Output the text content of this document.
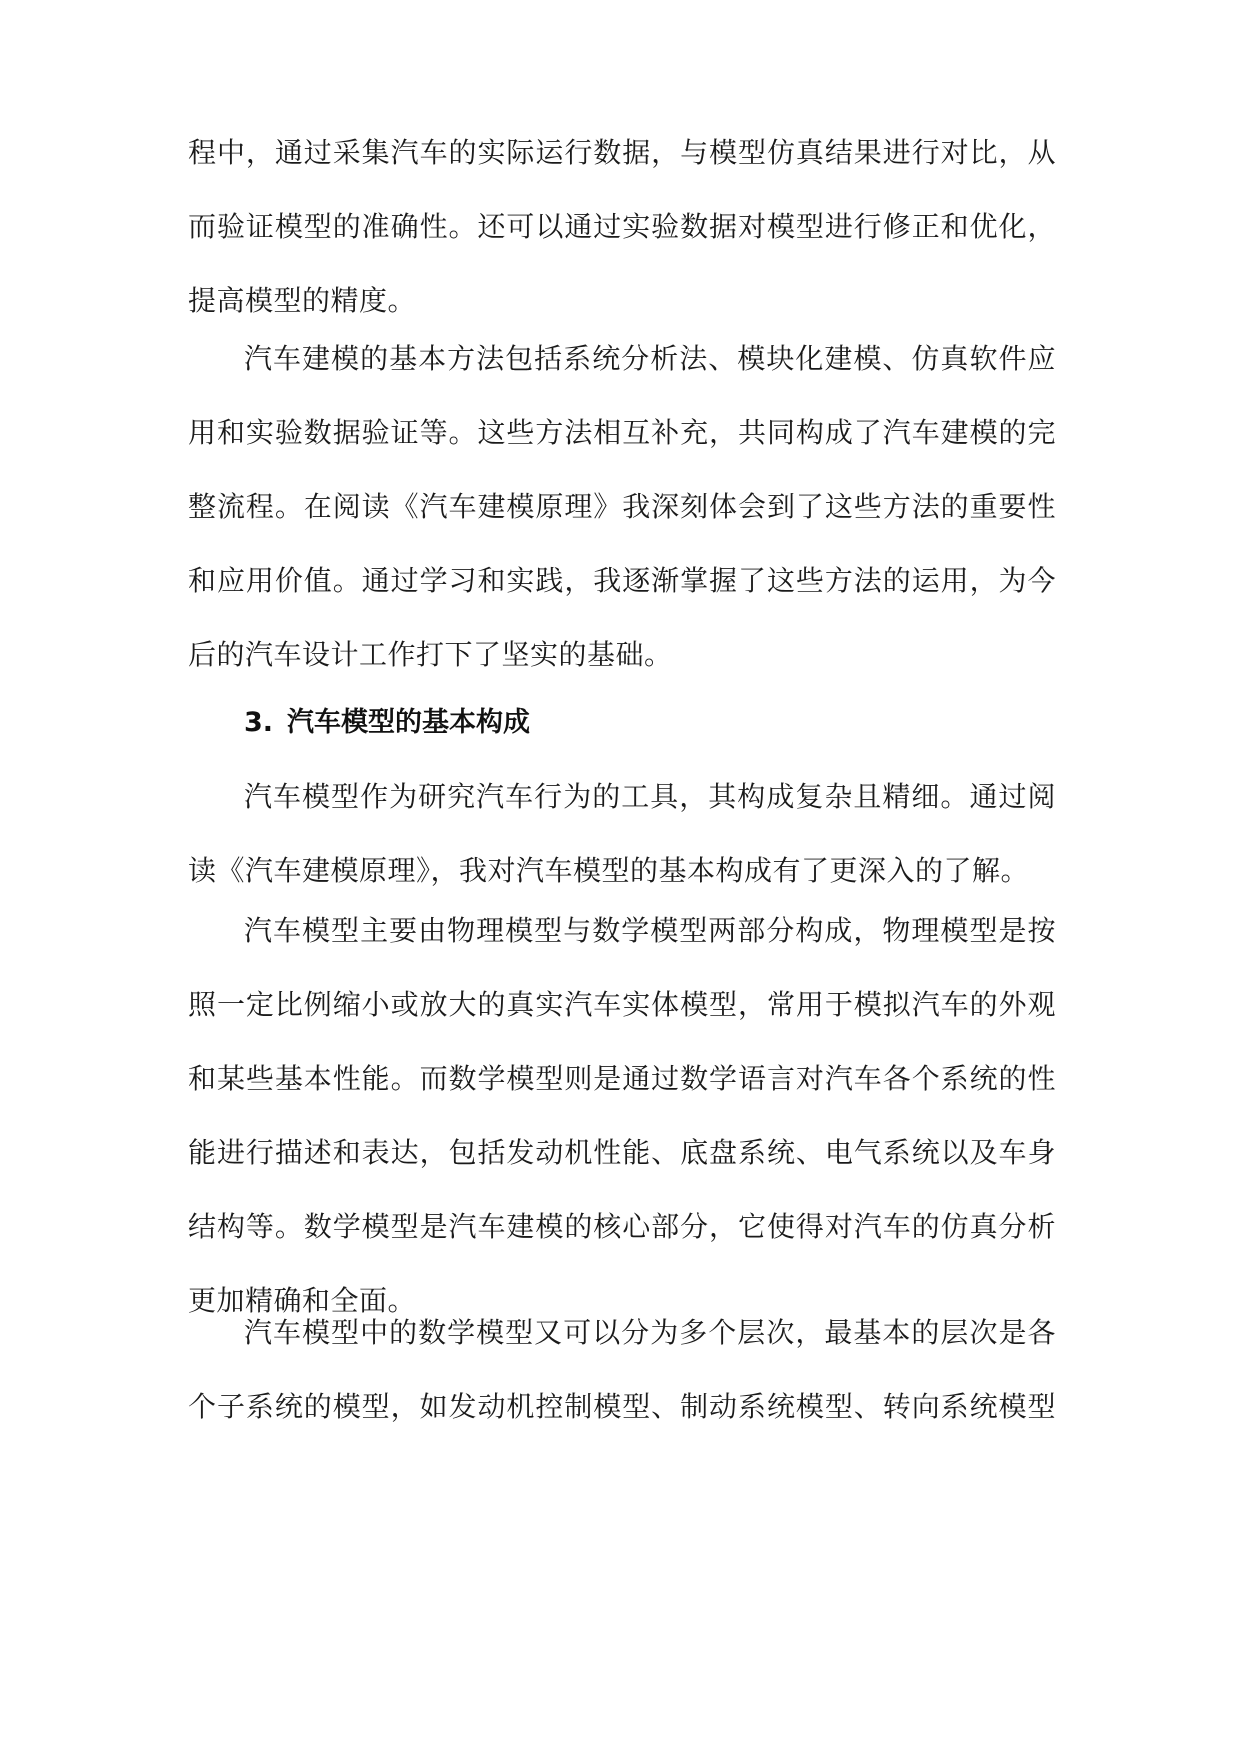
程中，通过采集汽车的实际运行数据，与模型仿真结果进行对比，从
而验证模型的准确性。还可以通过实验数据对模型进行修正和优化，
提高模型的精度。

汽车建模的基本方法包括系统分析法、模块化建模、仿真软件应
用和实验数据验证等。这些方法相互补充，共同构成了汽车建模的完
整流程。在阅读《汽车建模原理》我深刻体会到了这些方法的重要性
和应用价值。通过学习和实践，我逐渐掌握了这些方法的运用，为今
后的汽车设计工作打下了坚实的基础。

3. 汽车模型的基本构成

汽车模型作为研究汽车行为的工具，其构成复杂且精细。通过阅
读《汽车建模原理》，我对汽车模型的基本构成有了更深入的了解。

汽车模型主要由物理模型与数学模型两部分构成，物理模型是按
照一定比例缩小或放大的真实汽车实体模型，常用于模拟汽车的外观
和某些基本性能。而数学模型则是通过数学语言对汽车各个系统的性
能进行描述和表达，包括发动机性能、底盘系统、电气系统以及车身
结构等。数学模型是汽车建模的核心部分，它使得对汽车的仿真分析
更加精确和全面。

汽车模型中的数学模型又可以分为多个层次，最基本的层次是各
个子系统的模型，如发动机控制模型、制动系统模型、转向系统模型
